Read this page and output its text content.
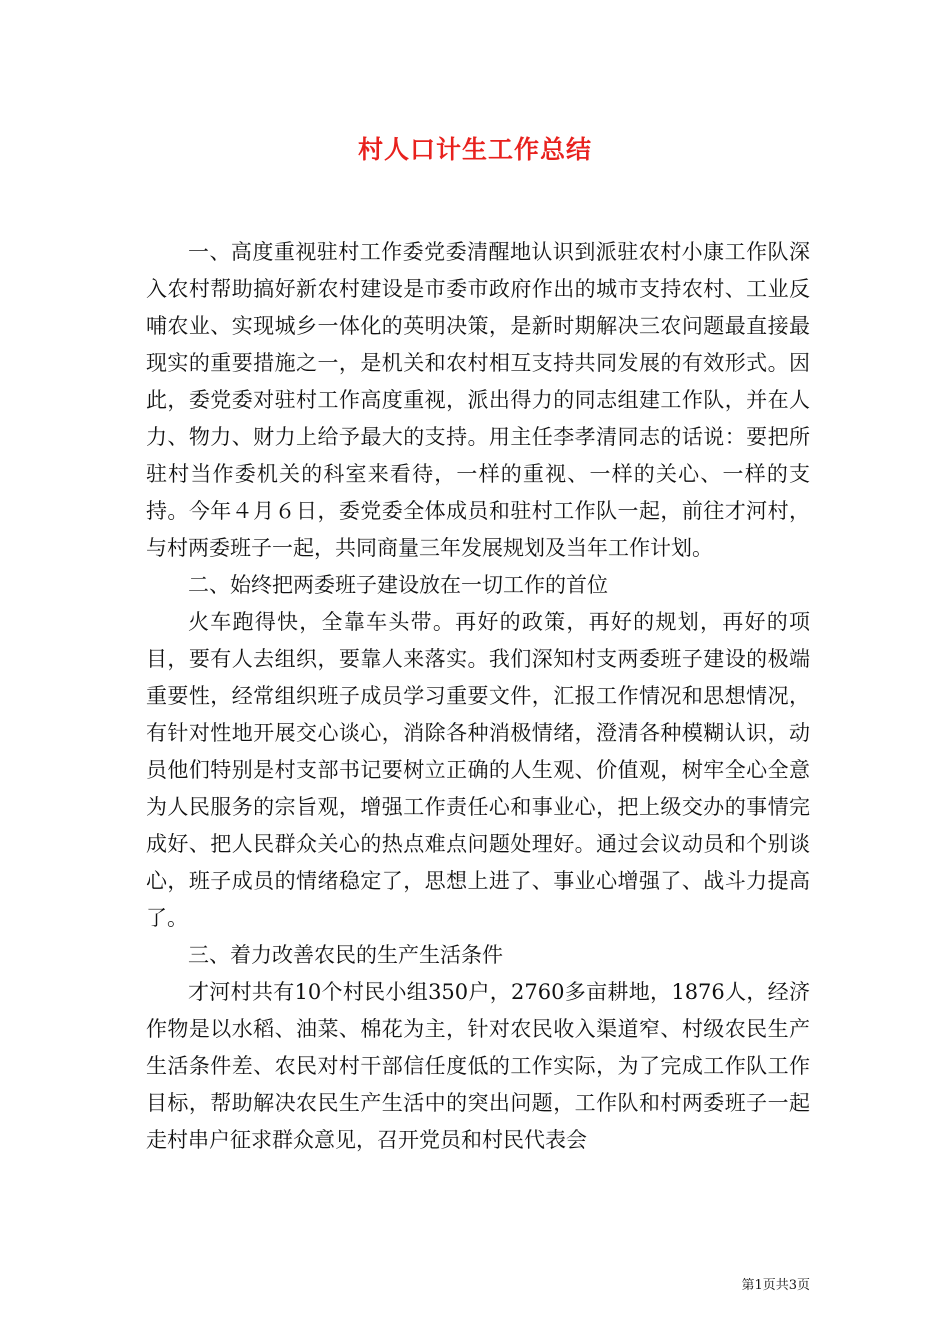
村人口计生工作总结

一、高度重视驻村工作委党委清醒地认识到派驻农村小康工作队深入农村帮助搞好新农村建设是市委市政府作出的城市支持农村、工业反哺农业、实现城乡一体化的英明决策，是新时期解决三农问题最直接最现实的重要措施之一，是机关和农村相互支持共同发展的有效形式。因此，委党委对驻村工作高度重视，派出得力的同志组建工作队，并在人力、物力、财力上给予最大的支持。用主任李孝清同志的话说：要把所驻村当作委机关的科室来看待，一样的重视、一样的关心、一样的支持。今年４月６日，委党委全体成员和驻村工作队一起，前往才河村，与村两委班子一起，共同商量三年发展规划及当年工作计划。

二、始终把两委班子建设放在一切工作的首位

火车跑得快，全靠车头带。再好的政策，再好的规划，再好的项目，要有人去组织，要靠人来落实。我们深知村支两委班子建设的极端重要性，经常组织班子成员学习重要文件，汇报工作情况和思想情况，有针对性地开展交心谈心，消除各种消极情绪，澄清各种模糊认识，动员他们特别是村支部书记要树立正确的人生观、价值观，树牢全心全意为人民服务的宗旨观，增强工作责任心和事业心，把上级交办的事情完成好、把人民群众关心的热点难点问题处理好。通过会议动员和个别谈心，班子成员的情绪稳定了，思想上进了、事业心增强了、战斗力提高了。

三、着力改善农民的生产生活条件

才河村共有10个村民小组350户，2760多亩耕地，1876人，经济作物是以水稻、油菜、棉花为主，针对农民收入渠道窄、村级农民生产生活条件差、农民对村干部信任度低的工作实际，为了完成工作队工作目标，帮助解决农民生产生活中的突出问题，工作队和村两委班子一起走村串户征求群众意见，召开党员和村民代表会

第1页共3页
